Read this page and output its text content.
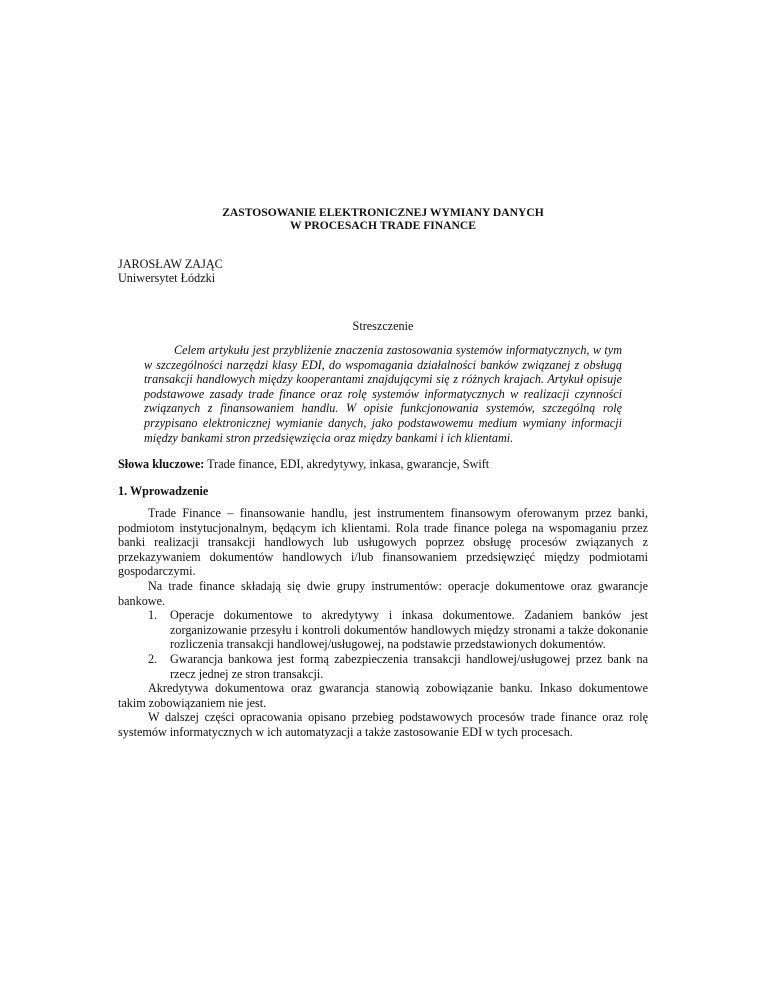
ZASTOSOWANIE ELEKTRONICZNEJ WYMIANY DANYCH
W PROCESACH TRADE FINANCE
JAROSŁAW ZAJĄC
Uniwersytet Łódzki
Streszczenie

Celem artykułu jest przybliżenie znaczenia zastosowania systemów informatycznych, w tym w szczególności narzędzi klasy EDI, do wspomagania działalności banków związanej z obsługą transakcji handlowych między kooperantami znajdującymi się z różnych krajach. Artykuł opisuje podstawowe zasady trade finance oraz rolę systemów informatycznych w realizacji czynności związanych z finansowaniem handlu. W opisie funkcjonowania systemów, szczególną rolę przypisano elektronicznej wymianie danych, jako podstawowemu medium wymiany informacji między bankami stron przedsięwzięcia oraz między bankami i ich klientami.

Słowa kluczowe: Trade finance, EDI, akredytywy, inkasa, gwarancje, Swift
1. Wprowadzenie

Trade Finance – finansowanie handlu, jest instrumentem finansowym oferowanym przez banki, podmiotom instytucjonalnym, będącym ich klientami. Rola trade finance polega na wspomaganiu przez banki realizacji transakcji handlowych lub usługowych poprzez obsługę procesów związanych z przekazywaniem dokumentów handlowych i/lub finansowaniem przedsięwzięć między podmiotami gospodarczymi.

Na trade finance składają się dwie grupy instrumentów: operacje dokumentowe oraz gwarancje bankowe.

1. Operacje dokumentowe to akredytywy i inkasa dokumentowe. Zadaniem banków jest zorganizowanie przesyłu i kontroli dokumentów handlowych między stronami a także dokonanie rozliczenia transakcji handlowej/usługowej, na podstawie przedstawionych dokumentów.
2. Gwarancja bankowa jest formą zabezpieczenia transakcji handlowej/usługowej przez bank na rzecz jednej ze stron transakcji.

Akredytywa dokumentowa oraz gwarancja stanowią zobowiązanie banku. Inkaso dokumentowe takim zobowiązaniem nie jest.

W dalszej części opracowania opisano przebieg podstawowych procesów trade finance oraz rolę systemów informatycznych w ich automatyzacji a także zastosowanie EDI w tych procesach.
